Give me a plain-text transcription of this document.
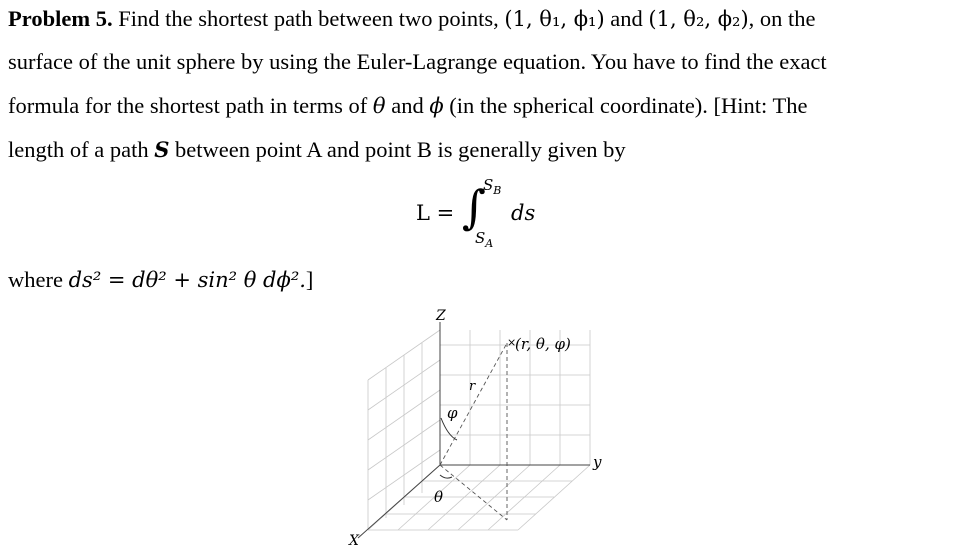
Problem 5. Find the shortest path between two points, (1, θ₁, ϕ₁) and (1, θ₂, ϕ₂), on the
surface of the unit sphere by using the Euler-Lagrange equation. You have to find the exact
formula for the shortest path in terms of θ and ϕ (in the spherical coordinate). [Hint: The
length of a path S between point A and point B is generally given by
L = ∫
$S_B$
$S_A$
ds
where ds² = dθ² + sin² θ dϕ².]
×
Z
X
y
r
φ
θ
(r, θ, φ)
